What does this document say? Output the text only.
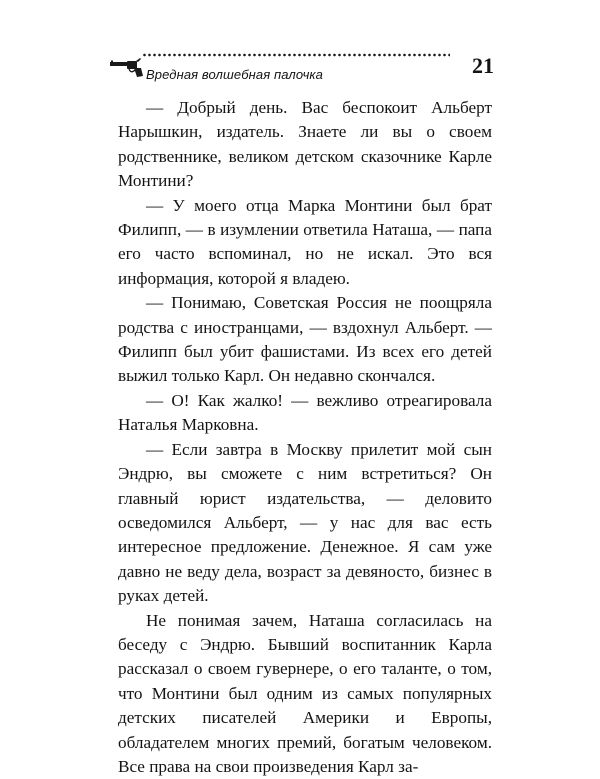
Вредная волшебная палочка	21

— Добрый день. Вас беспокоит Альберт Нарышкин, издатель. Знаете ли вы о своем родственнике, великом детском сказочнике Карле Монтини?

— У моего отца Марка Монтини был брат Филипп, — в изумлении ответила Наташа, — папа его часто вспоминал, но не искал. Это вся информация, которой я владею.

— Понимаю, Советская Россия не поощряла родства с иностранцами, — вздохнул Альберт. — Филипп был убит фашистами. Из всех его детей выжил только Карл. Он недавно скончался.

— О! Как жалко! — вежливо отреагировала Наталья Марковна.

— Если завтра в Москву прилетит мой сын Эндрю, вы сможете с ним встретиться? Он главный юрист издательства, — деловито осведомился Альберт, — у нас для вас есть интересное предложение. Денежное. Я сам уже давно не веду дела, возраст за девяносто, бизнес в руках детей.

Не понимая зачем, Наташа согласилась на беседу с Эндрю. Бывший воспитанник Карла рассказал о своем гувернере, о его таланте, о том, что Монтини был одним из самых популярных детских писателей Америки и Европы, обладателем многих премий, богатым человеком. Все права на свои произведения Карл за-
